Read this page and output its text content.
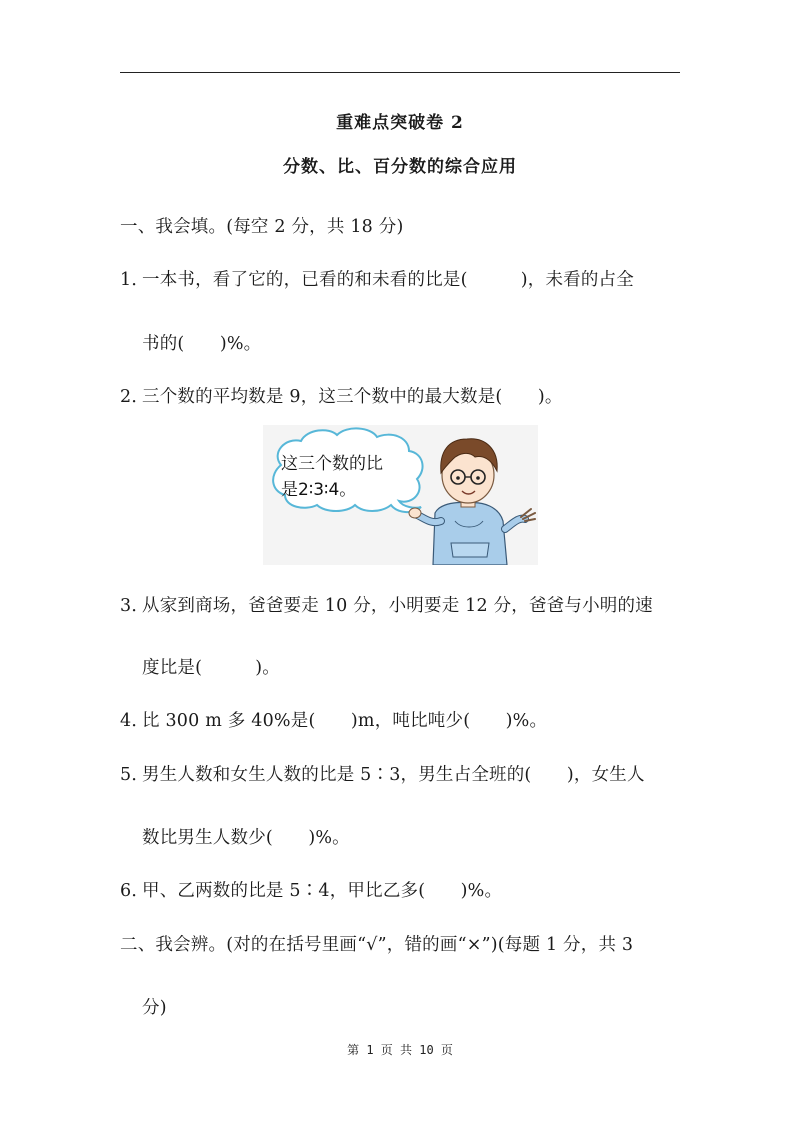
重难点突破卷 2
分数、比、百分数的综合应用
一、我会填。(每空 2 分，共 18 分)
1．一本书，看了它的，已看的和未看的比是(　　　)，未看的占全
书的(　　)%。
2．三个数的平均数是 9，这三个数中的最大数是(　　)。
这三个数的比
是2∶3∶4。
3．从家到商场，爸爸要走 10 分，小明要走 12 分，爸爸与小明的速
度比是(　　　)。
4．比 300 m 多 40%是(　　)m，吨比吨少(　　)%。
5．男生人数和女生人数的比是 5∶3，男生占全班的(　　)，女生人
数比男生人数少(　　)%。
6．甲、乙两数的比是 5∶4，甲比乙多(　　)%。
二、我会辨。(对的在括号里画“√”，错的画“×”)(每题 1 分，共 3
分)
第 1 页 共 10 页
